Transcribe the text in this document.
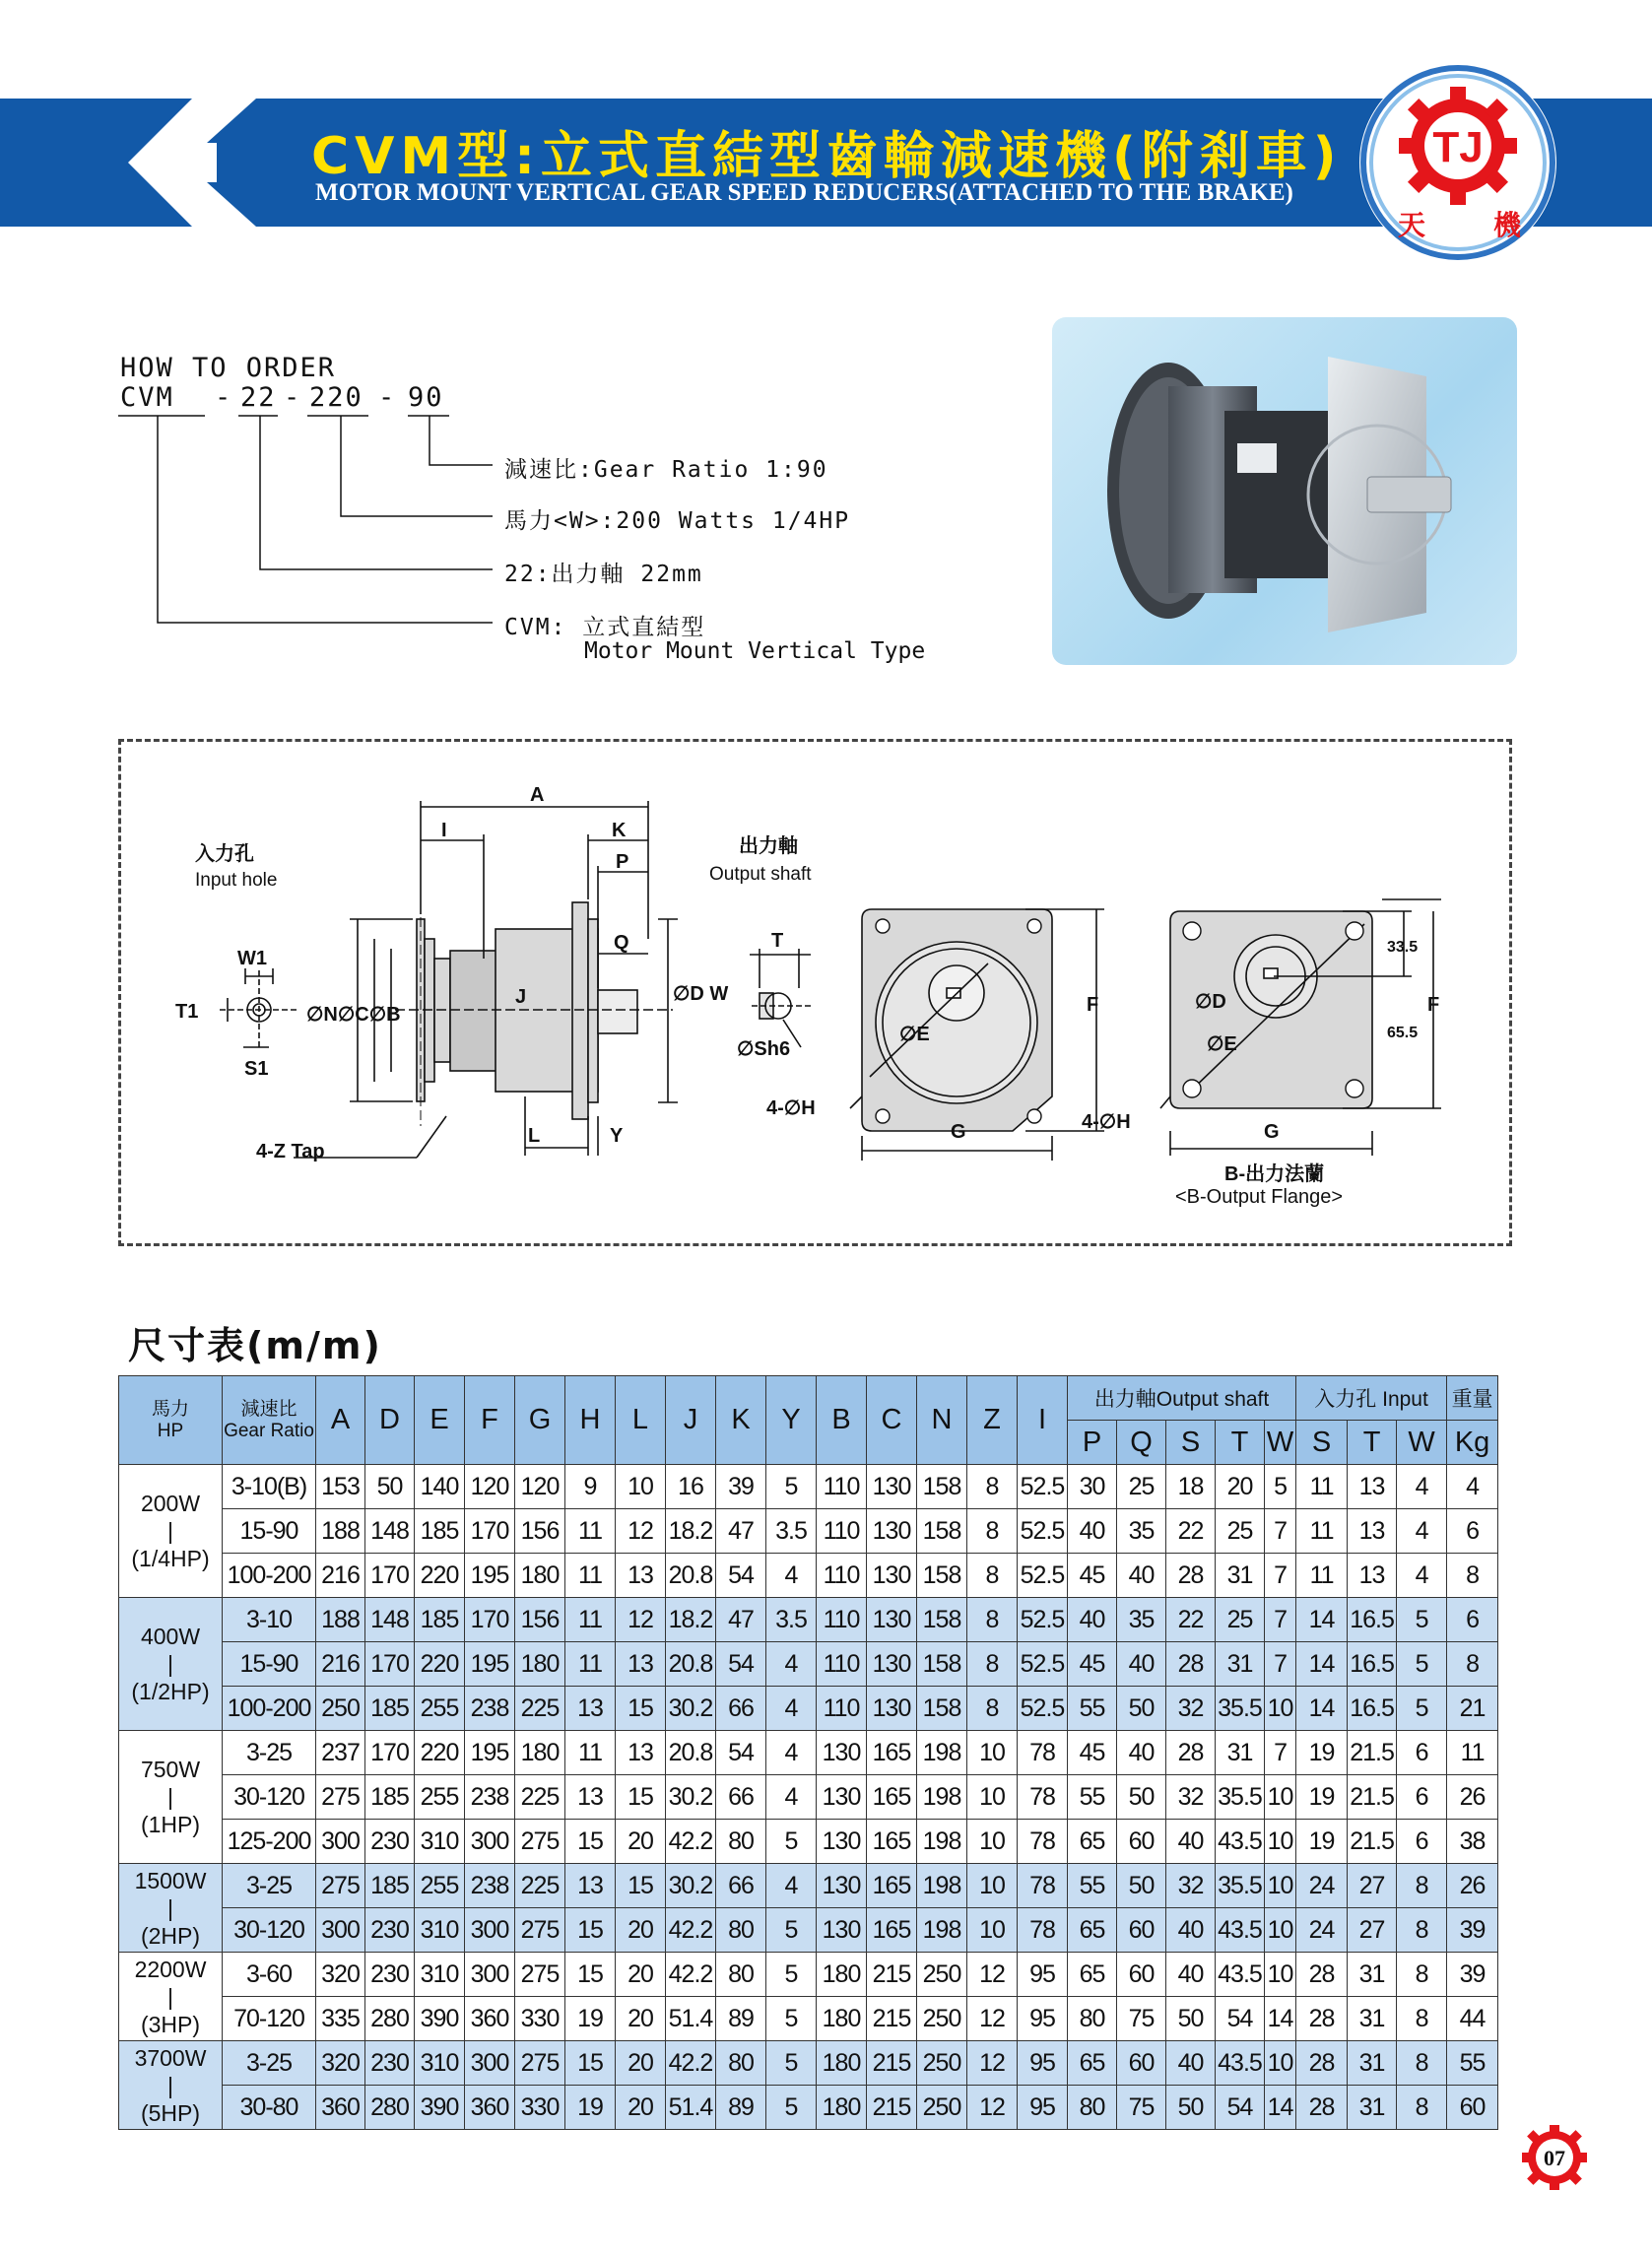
CVM型:立式直結型齒輪減速機(附剎車)
MOTOR MOUNT VERTICAL GEAR SPEED REDUCERS(ATTACHED TO THE BRAKE)
TJ
天 機
HOW TO ORDER
CVM - 22 - 220 - 90
減速比:Gear Ratio 1:90
馬力<W>:200 Watts 1/4HP
22:出力軸 22mm
CVM: 立式直結型
Motor Mount Vertical Type
入力孔
Input hole
出力軸
Output shaft
A
I	K
P
Q
J
L	Y
W1
T1
S1
∅N∅C∅B
∅D W
T
∅Sh6
4-Z Tap
4-∅H
∅E
F
G	4-∅H
∅D
∅E
F
G
33.5
65.5
B-出力法蘭
<B-Output Flange>
尺寸表(m/m)
馬力
HP	減速比
Gear Ratio	A	D	E	F	G	H	L	J	K	Y	B	C	N	Z	I	出力軸Output shaft					入力孔 Input			重量
																	P	Q	S	T	W	S	T	W	Kg
200W
|
(1/4HP)	3-10(B)	153	50	140	120	120	9	10	16	39	5	110	130	158	8	52.5	30	25	18	20	5	11	13	4	4
	15-90	188	148	185	170	156	11	12	18.2	47	3.5	110	130	158	8	52.5	40	35	22	25	7	11	13	4	6
	100-200	216	170	220	195	180	11	13	20.8	54	4	110	130	158	8	52.5	45	40	28	31	7	11	13	4	8
400W
|
(1/2HP)	3-10	188	148	185	170	156	11	12	18.2	47	3.5	110	130	158	8	52.5	40	35	22	25	7	14	16.5	5	6
	15-90	216	170	220	195	180	11	13	20.8	54	4	110	130	158	8	52.5	45	40	28	31	7	14	16.5	5	8
	100-200	250	185	255	238	225	13	15	30.2	66	4	110	130	158	8	52.5	55	50	32	35.5	10	14	16.5	5	21
750W
|
(1HP)	3-25	237	170	220	195	180	11	13	20.8	54	4	130	165	198	10	78	45	40	28	31	7	19	21.5	6	11
	30-120	275	185	255	238	225	13	15	30.2	66	4	130	165	198	10	78	55	50	32	35.5	10	19	21.5	6	26
	125-200	300	230	310	300	275	15	20	42.2	80	5	130	165	198	10	78	65	60	40	43.5	10	19	21.5	6	38
1500W
|
(2HP)	3-25	275	185	255	238	225	13	15	30.2	66	4	130	165	198	10	78	55	50	32	35.5	10	24	27	8	26
	30-120	300	230	310	300	275	15	20	42.2	80	5	130	165	198	10	78	65	60	40	43.5	10	24	27	8	39
2200W
|
(3HP)	3-60	320	230	310	300	275	15	20	42.2	80	5	180	215	250	12	95	65	60	40	43.5	10	28	31	8	39
	70-120	335	280	390	360	330	19	20	51.4	89	5	180	215	250	12	95	80	75	50	54	14	28	31	8	44
3700W
|
(5HP)	3-25	320	230	310	300	275	15	20	42.2	80	5	180	215	250	12	95	65	60	40	43.5	10	28	31	8	55
	30-80	360	280	390	360	330	19	20	51.4	89	5	180	215	250	12	95	80	75	50	54	14	28	31	8	60
07
